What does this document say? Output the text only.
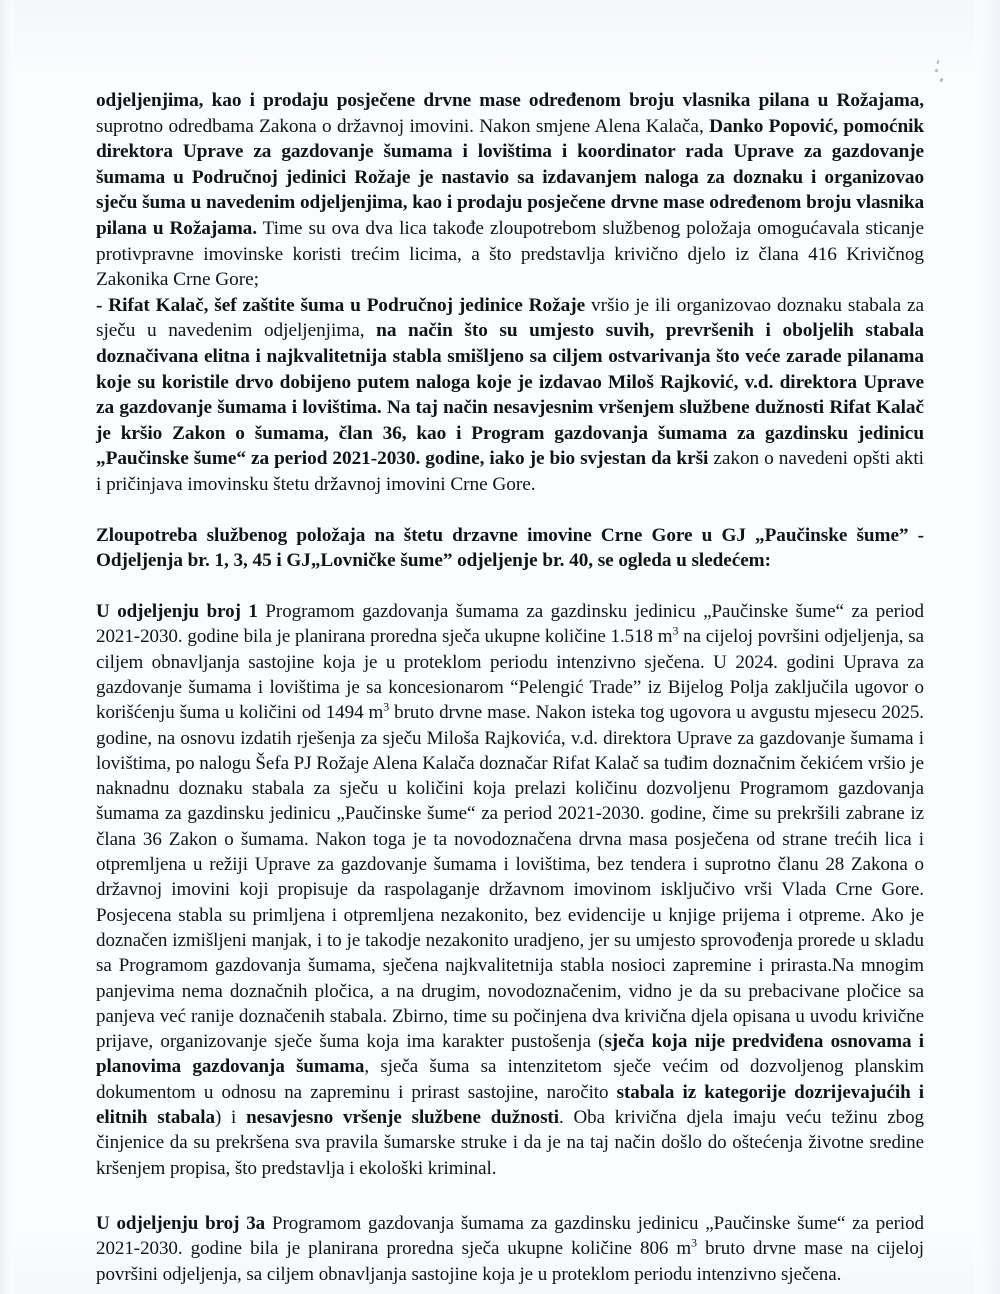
odjeljenjima, kao i prodaju posječene drvne mase određenom broju vlasnika pilana u Rožajama, suprotno odredbama Zakona o državnoj imovini. Nakon smjene Alena Kalača, Danko Popović, pomoćnik direktora Uprave za gazdovanje šumama i lovištima i koordinator rada Uprave za gazdovanje šumama u Područnoj jedinici Rožaje je nastavio sa izdavanjem naloga za doznaku i organizovao sječu šuma u navedenim odjeljenjima, kao i prodaju posječene drvne mase određenom broju vlasnika pilana u Rožajama. Time su ova dva lica takođe zloupotrebom službenog položaja omogućavala sticanje protivpravne imovinske koristi trećim licima, a što predstavlja krivično djelo iz člana 416 Krivičnog Zakonika Crne Gore;

- Rifat Kalač, šef zaštite šuma u Područnoj jedinice Rožaje vršio je ili organizovao doznaku stabala za sječu u navedenim odjeljenjima, na način što su umjesto suvih, prevršenih i oboljelih stabala doznačivana elitna i najkvalitetnija stabla smišljeno sa ciljem ostvarivanja što veće zarade pilanama koje su koristile drvo dobijeno putem naloga koje je izdavao Miloš Rajković, v.d. direktora Uprave za gazdovanje šumama i lovištima. Na taj način nesavjesnim vršenjem službene dužnosti Rifat Kalač je kršio Zakon o šumama, član 36, kao i Program gazdovanja šumama za gazdinsku jedinicu „Paučinske šume“ za period 2021-2030. godine, iako je bio svjestan da krši zakon o navedeni opšti akti i pričinjava imovinsku štetu državnoj imovini Crne Gore.

Zloupotreba službenog položaja na štetu drzavne imovine Crne Gore u GJ „Paučinske šume” - Odjeljenja br. 1, 3, 45 i GJ„Lovničke šume” odjeljenje br. 40, se ogleda u sledećem:

U odjeljenju broj 1 Programom gazdovanja šumama za gazdinsku jedinicu „Paučinske šume“ za period 2021-2030. godine bila je planirana proredna sječa ukupne količine 1.518 $m^3$ na cijeloj površini odjeljenja, sa ciljem obnavljanja sastojine koja je u proteklom periodu intenzivno sječena. U 2024. godini Uprava za gazdovanje šumama i lovištima je sa koncesionarom “Pelengić Trade” iz Bijelog Polja zaključila ugovor o korišćenju šuma u količini od 1494 $m^3$ bruto drvne mase. Nakon isteka tog ugovora u avgustu mjesecu 2025. godine, na osnovu izdatih rješenja za sječu Miloša Rajkovića, v.d. direktora Uprave za gazdovanje šumama i lovištima, po nalogu Šefa PJ Rožaje Alena Kalača doznačar Rifat Kalač sa tuđim doznačnim čekićem vršio je naknadnu doznaku stabala za sječu u količini koja prelazi količinu dozvoljenu Programom gazdovanja šumama za gazdinsku jedinicu „Paučinske šume“ za period 2021-2030. godine, čime su prekršili zabrane iz člana 36 Zakon o šumama. Nakon toga je ta novodoznačena drvna masa posječena od strane trećih lica i otpremljena u režiji Uprave za gazdovanje šumama i lovištima, bez tendera i suprotno članu 28 Zakona o državnoj imovini koji propisuje da raspolaganje državnom imovinom isključivo vrši Vlada Crne Gore. Posjecena stabla su primljena i otpremljena nezakonito, bez evidencije u knjige prijema i otpreme. Ako je doznačen izmišljeni manjak, i to je takodje nezakonito uradjeno, jer su umjesto sprovođenja prorede u skladu sa Programom gazdovanja šumama, sječena najkvalitetnija stabla nosioci zapremine i prirasta.Na mnogim panjevima nema doznačnih pločica, a na drugim, novodoznačenim, vidno je da su prebacivane pločice sa panjeva već ranije doznačenih stabala. Zbirno, time su počinjena dva krivična djela opisana u uvodu krivične prijave, organizovanje sječe šuma koja ima karakter pustošenja (sječa koja nije predviđena osnovama i planovima gazdovanja šumama, sječa šuma sa intenzitetom sječe većim od dozvoljenog planskim dokumentom u odnosu na zapreminu i prirast sastojine, naročito stabala iz kategorije dozrijevajućih i elitnih stabala) i nesavjesno vršenje službene dužnosti. Oba krivična djela imaju veću težinu zbog činjenice da su prekršena sva pravila šumarske struke i da je na taj način došlo do oštećenja životne sredine kršenjem propisa, što predstavlja i ekološki kriminal.

U odjeljenju broj 3a Programom gazdovanja šumama za gazdinsku jedinicu „Paučinske šume“ za period 2021-2030. godine bila je planirana proredna sječa ukupne količine 806 $m^3$ bruto drvne mase na cijeloj površini odjeljenja, sa ciljem obnavljanja sastojine koja je u proteklom periodu intenzivno sječena.
